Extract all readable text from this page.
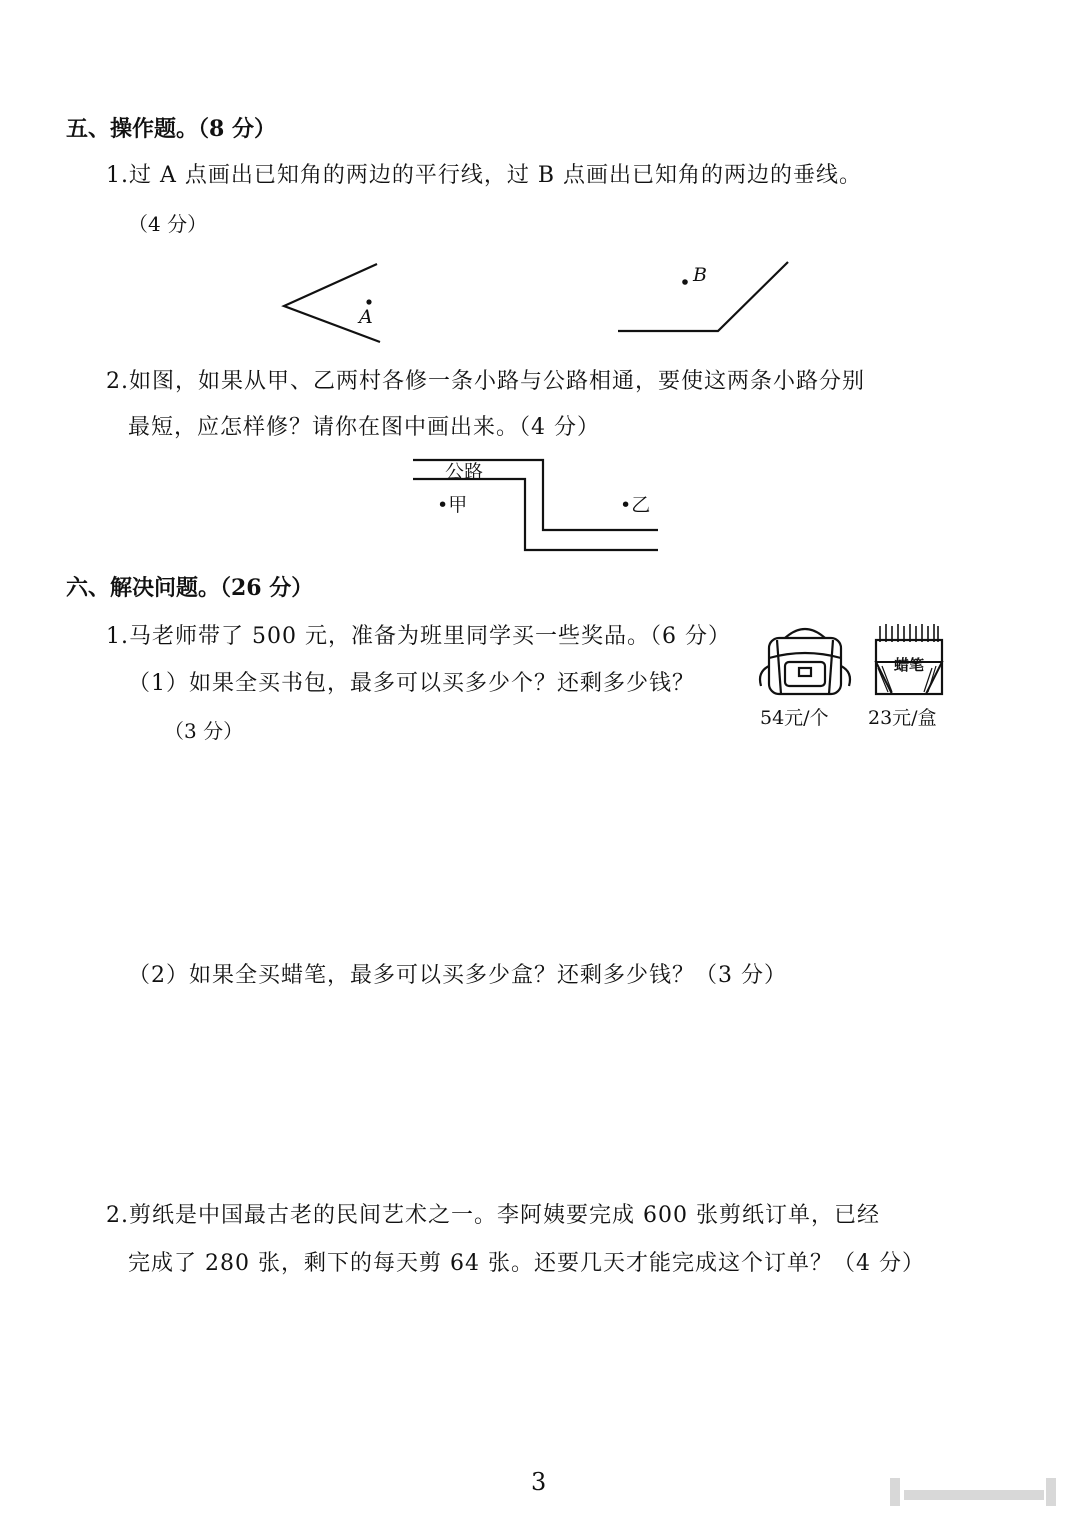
五、操作题。（8 分）
1.过 A 点画出已知角的两边的平行线，过 B 点画出已知角的两边的垂线。
（4 分）
A
B
2.如图，如果从甲、乙两村各修一条小路与公路相通，要使这两条小路分别
最短，应怎样修？请你在图中画出来。（4 分）
公路
•甲	•乙
六、解决问题。（26 分）
1.马老师带了 500 元，准备为班里同学买一些奖品。（6 分）
（1）如果全买书包，最多可以买多少个？还剩多少钱？
（3 分）
54元/个
蜡笔
23元/盒
（2）如果全买蜡笔，最多可以买多少盒？还剩多少钱？（3 分）
2.剪纸是中国最古老的民间艺术之一。李阿姨要完成 600 张剪纸订单，已经
完成了 280 张，剩下的每天剪 64 张。还要几天才能完成这个订单？（4 分）
3
